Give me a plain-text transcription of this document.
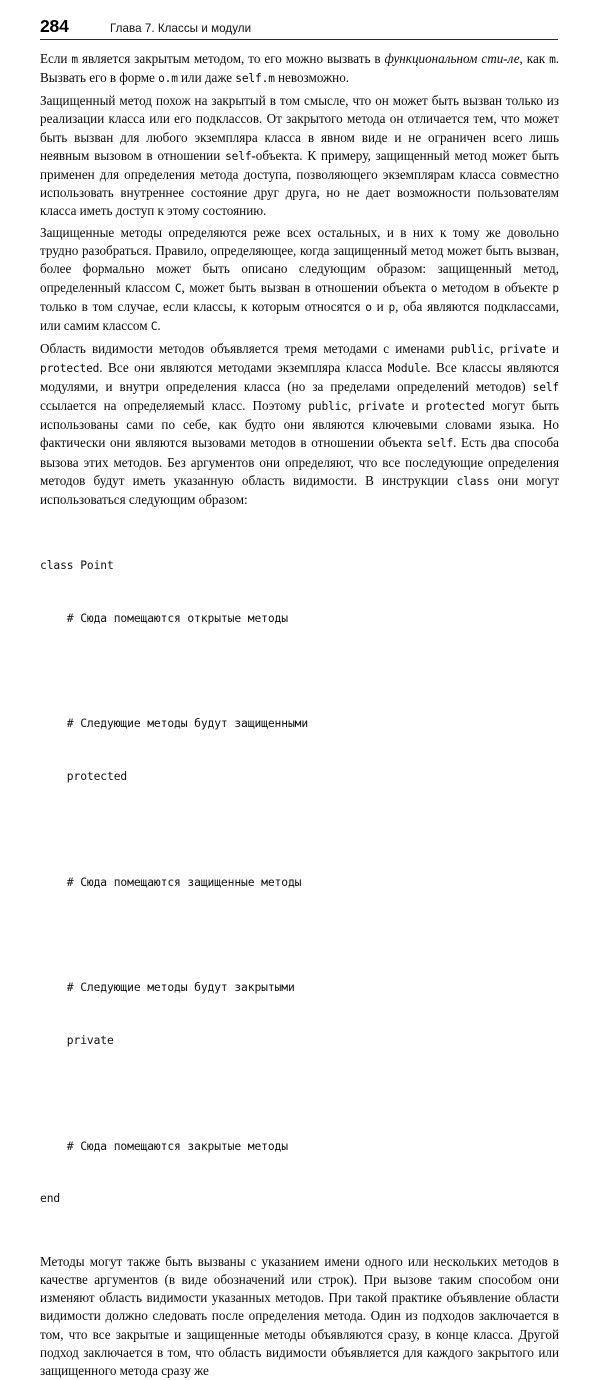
284	Глава 7. Классы и модули

Если m является закрытым методом, то его можно вызвать в функциональном сти-ле, как m. Вызвать его в форме o.m или даже self.m невозможно.

Защищенный метод похож на закрытый в том смысле, что он может быть вызван только из реализации класса или его подклассов. От закрытого метода он отличается тем, что может быть вызван для любого экземпляра класса в явном виде и не ограничен всего лишь неявным вызовом в отношении self-объекта. К примеру, защищенный метод может быть применен для определения метода доступа, позволяющего экземплярам класса совместно использовать внутреннее состояние друг друга, но не дает возможности пользователям класса иметь доступ к этому состоянию.

Защищенные методы определяются реже всех остальных, и в них к тому же довольно трудно разобраться. Правило, определяющее, когда защищенный метод может быть вызван, более формально может быть описано следующим образом: защищенный метод, определенный классом C, может быть вызван в отношении объекта o методом в объекте p только в том случае, если классы, к которым относятся o и p, оба являются подклассами, или самим классом C.

Область видимости методов объявляется тремя методами с именами public, private и protected. Все они являются методами экземпляра класса Module. Все классы являются модулями, и внутри определения класса (но за пределами определений методов) self ссылается на определяемый класс. Поэтому public, private и protected могут быть использованы сами по себе, как будто они являются ключевыми словами языка. Но фактически они являются вызовами методов в отношении объекта self. Есть два способа вызова этих методов. Без аргументов они определяют, что все последующие определения методов будут иметь указанную область видимости. В инструкции class они могут использоваться следующим образом:

class Point

# Сюда помещаются открытые методы

# Следующие методы будут защищенными

protected

# Сюда помещаются защищенные методы

# Следующие методы будут закрытыми

private

# Сюда помещаются закрытые методы

end

Методы могут также быть вызваны с указанием имени одного или нескольких методов в качестве аргументов (в виде обозначений или строк). При вызове таким способом они изменяют область видимости указанных методов. При такой практике объявление области видимости должно следовать после определения метода. Один из подходов заключается в том, что все закрытые и защищенные методы объявляются сразу, в конце класса. Другой подход заключается в том, что область видимости объявляется для каждого закрытого или защищенного метода сразу же
